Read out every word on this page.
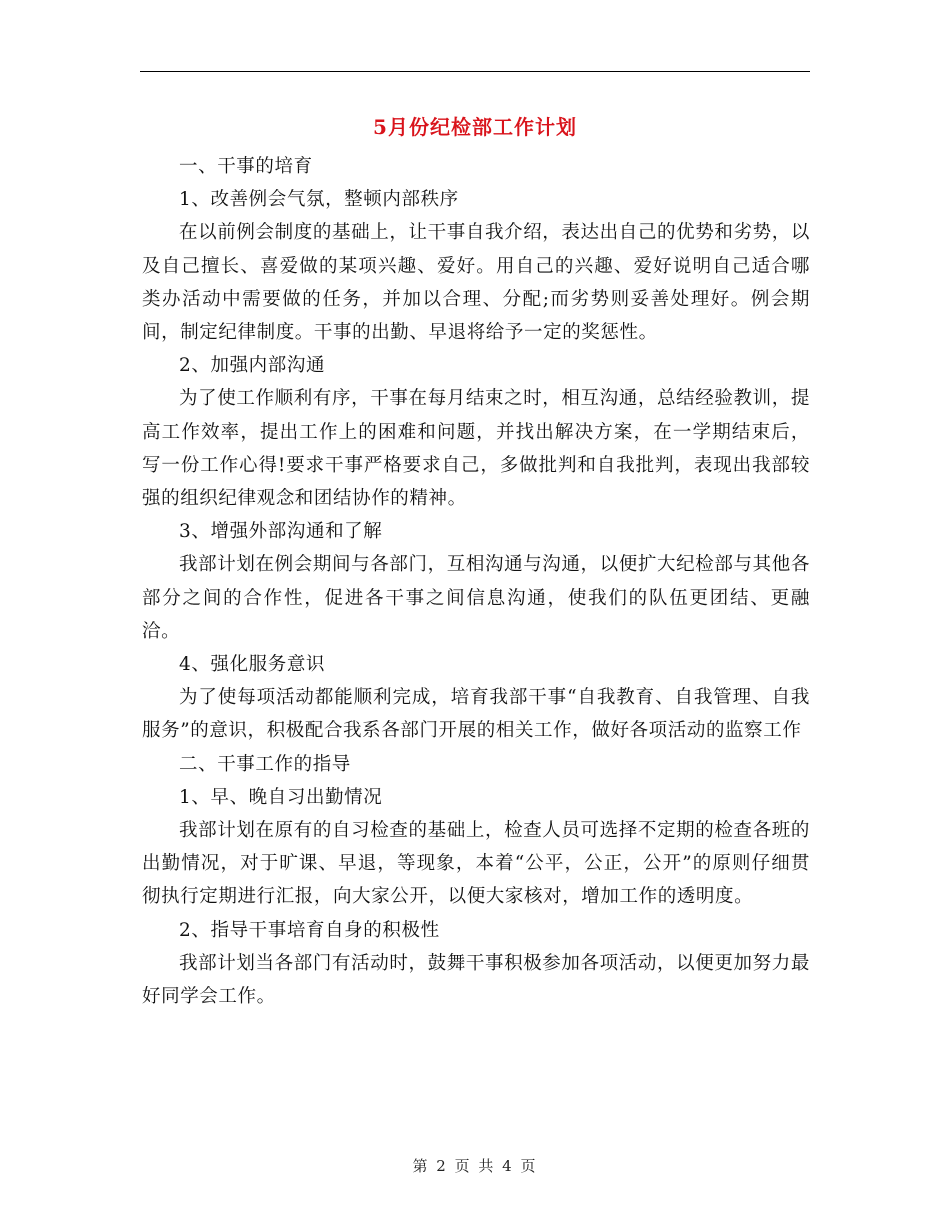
5月份纪检部工作计划

一、干事的培育

1、改善例会气氛，整顿内部秩序

在以前例会制度的基础上，让干事自我介绍，表达出自己的优势和劣势，以及自己擅长、喜爱做的某项兴趣、爱好。用自己的兴趣、爱好说明自己适合哪类办活动中需要做的任务，并加以合理、分配;而劣势则妥善处理好。例会期间，制定纪律制度。干事的出勤、早退将给予一定的奖惩性。

2、加强内部沟通

为了使工作顺利有序，干事在每月结束之时，相互沟通，总结经验教训，提高工作效率，提出工作上的困难和问题，并找出解决方案，在一学期结束后，写一份工作心得!要求干事严格要求自己，多做批判和自我批判，表现出我部较强的组织纪律观念和团结协作的精神。

3、增强外部沟通和了解

我部计划在例会期间与各部门，互相沟通与沟通，以便扩大纪检部与其他各部分之间的合作性，促进各干事之间信息沟通，使我们的队伍更团结、更融洽。

4、强化服务意识

为了使每项活动都能顺利完成，培育我部干事“自我教育、自我管理、自我服务”的意识，积极配合我系各部门开展的相关工作，做好各项活动的监察工作

二、干事工作的指导

1、早、晚自习出勤情况

我部计划在原有的自习检查的基础上，检查人员可选择不定期的检查各班的出勤情况，对于旷课、早退，等现象，本着“公平，公正，公开”的原则仔细贯彻执行定期进行汇报，向大家公开，以便大家核对，增加工作的透明度。

2、指导干事培育自身的积极性

我部计划当各部门有活动时，鼓舞干事积极参加各项活动，以便更加努力最好同学会工作。

第 2 页 共 4 页
